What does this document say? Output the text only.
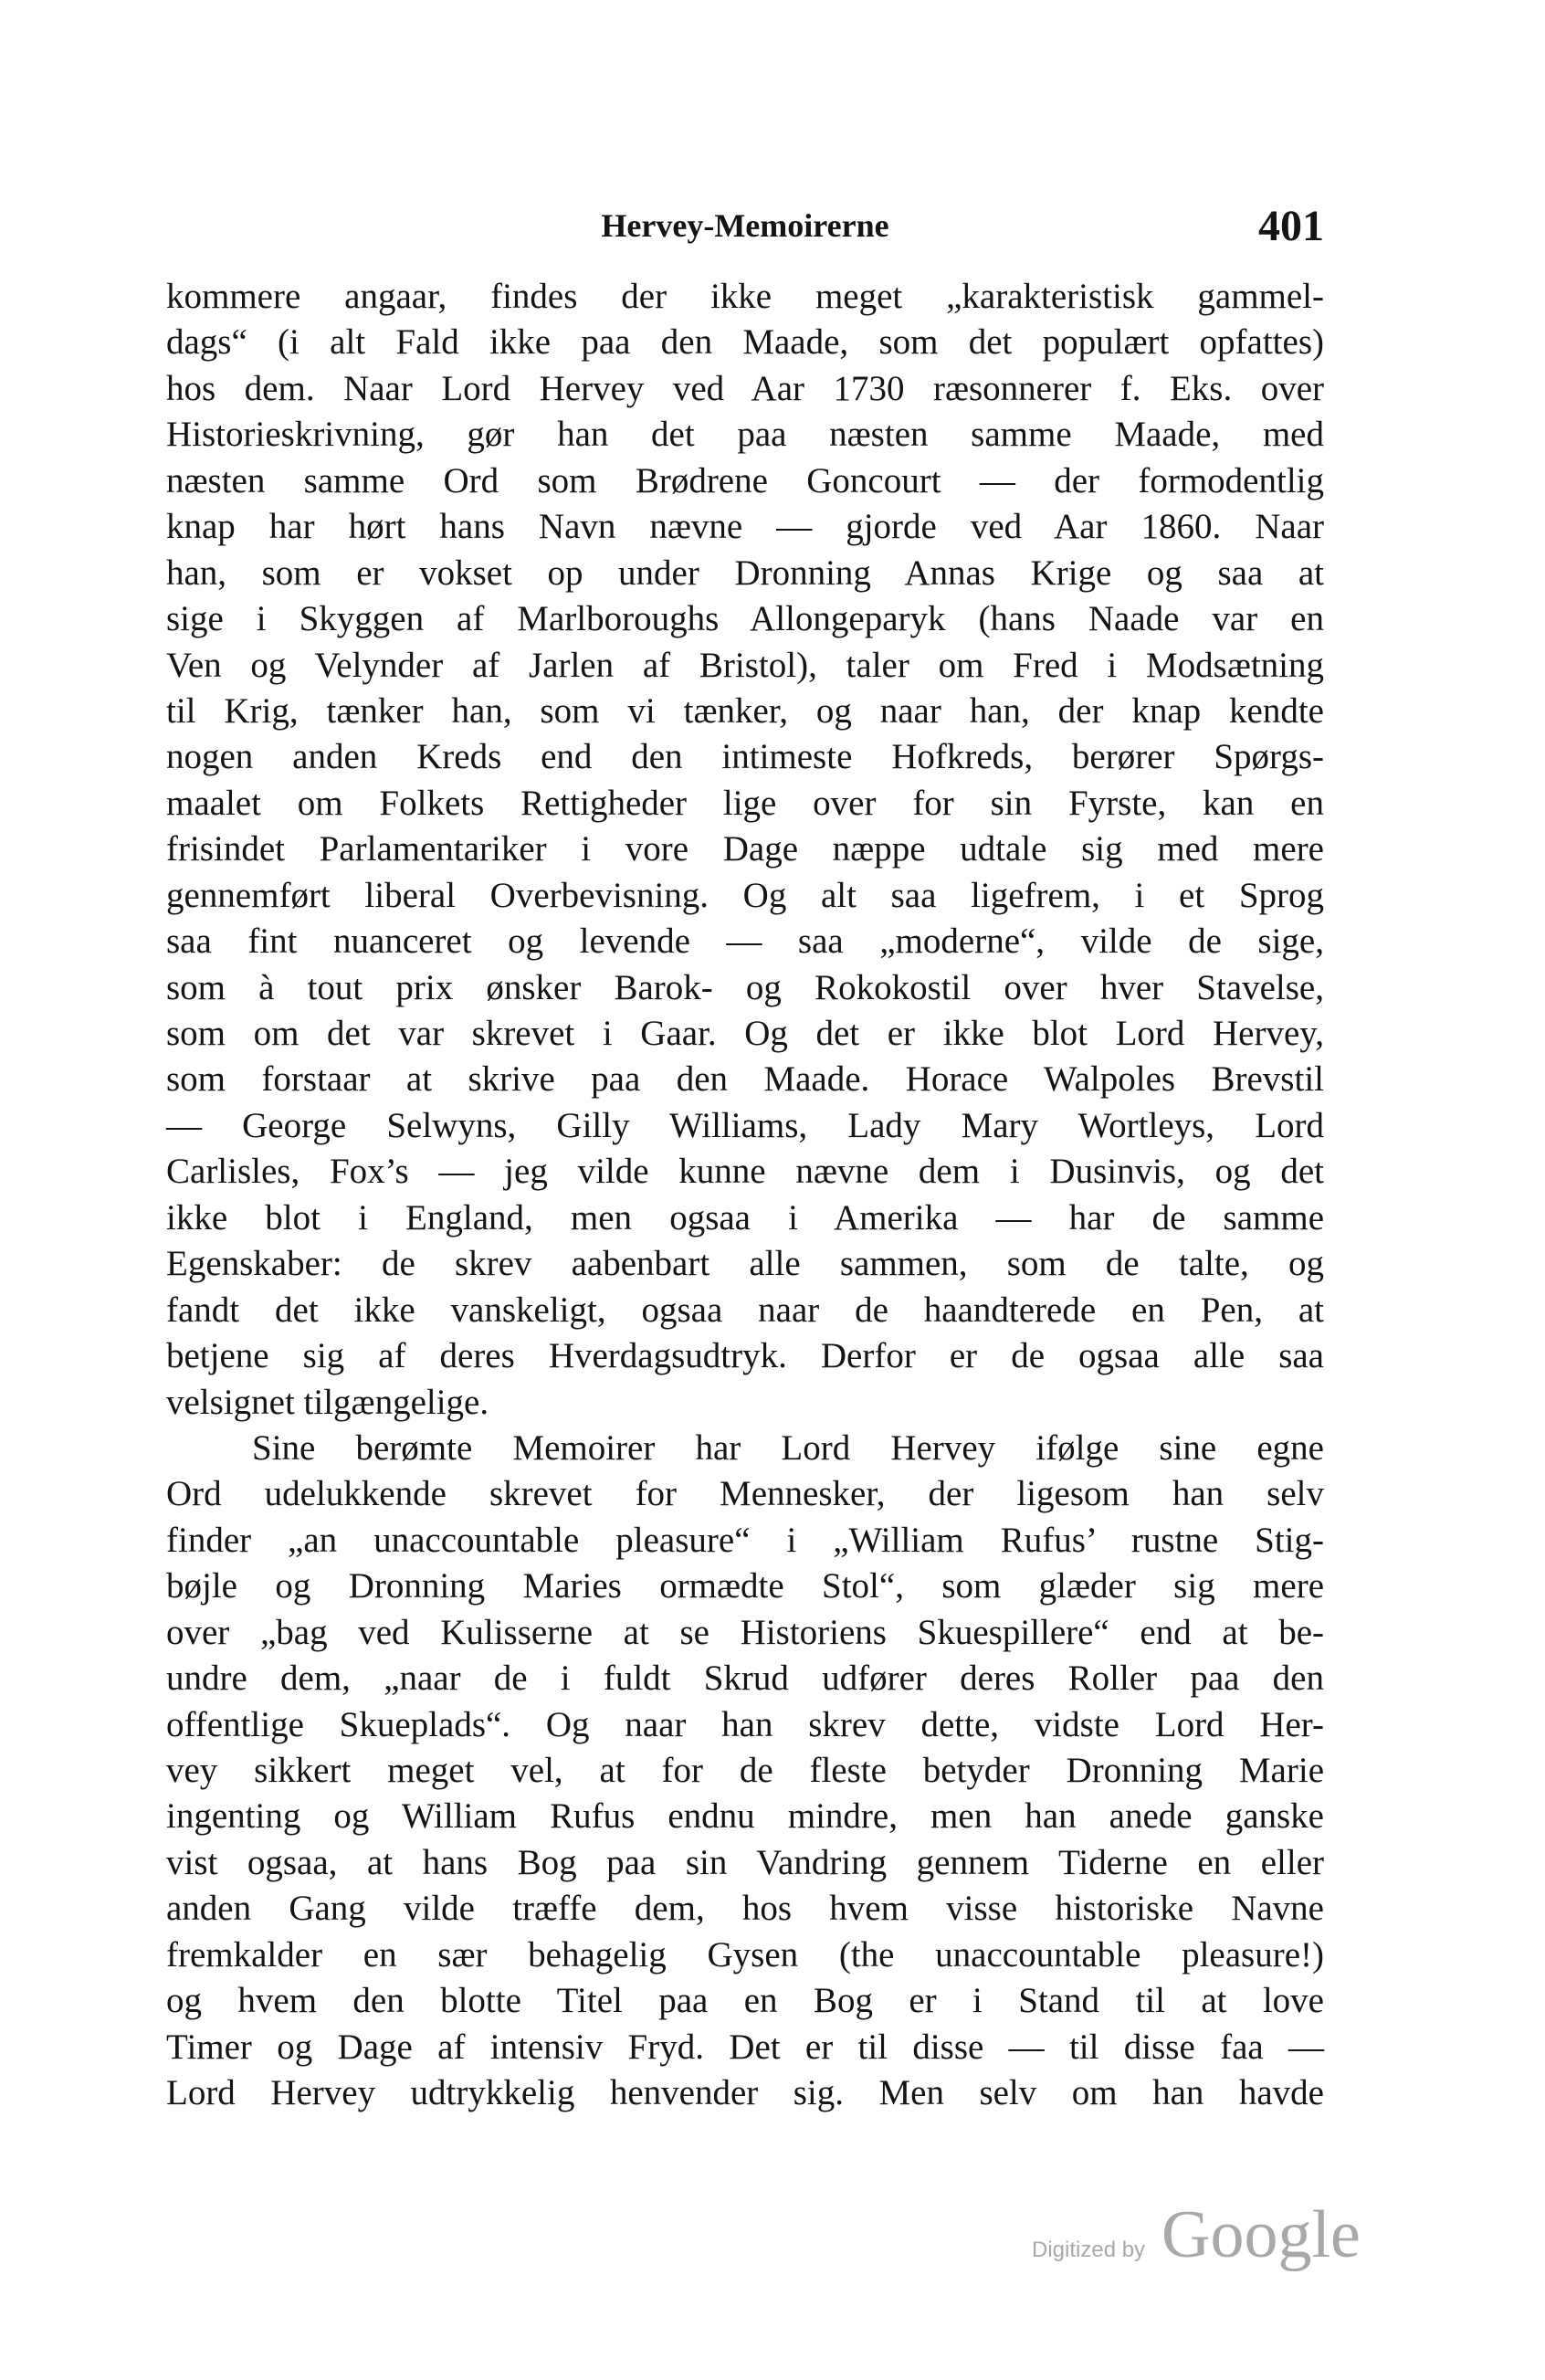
Hervey-Memoirerne	401
kommere angaar, findes der ikke meget „karakteristisk gammel-
dags“ (i alt Fald ikke paa den Maade, som det populært opfattes)
hos dem. Naar Lord Hervey ved Aar 1730 ræsonnerer f. Eks. over
Historieskrivning, gør han det paa næsten samme Maade, med
næsten samme Ord som Brødrene Goncourt — der formodentlig
knap har hørt hans Navn nævne — gjorde ved Aar 1860. Naar
han, som er vokset op under Dronning Annas Krige og saa at
sige i Skyggen af Marlboroughs Allongeparyk (hans Naade var en
Ven og Velynder af Jarlen af Bristol), taler om Fred i Modsætning
til Krig, tænker han, som vi tænker, og naar han, der knap kendte
nogen anden Kreds end den intimeste Hofkreds, berører Spørgs-
maalet om Folkets Rettigheder lige over for sin Fyrste, kan en
frisindet Parlamentariker i vore Dage næppe udtale sig med mere
gennemført liberal Overbevisning. Og alt saa ligefrem, i et Sprog
saa fint nuanceret og levende — saa „moderne“, vilde de sige,
som à tout prix ønsker Barok- og Rokokostil over hver Stavelse,
som om det var skrevet i Gaar. Og det er ikke blot Lord Hervey,
som forstaar at skrive paa den Maade. Horace Walpoles Brevstil
— George Selwyns, Gilly Williams, Lady Mary Wortleys, Lord
Carlisles, Fox’s — jeg vilde kunne nævne dem i Dusinvis, og det
ikke blot i England, men ogsaa i Amerika — har de samme
Egenskaber: de skrev aabenbart alle sammen, som de talte, og
fandt det ikke vanskeligt, ogsaa naar de haandterede en Pen, at
betjene sig af deres Hverdagsudtryk. Derfor er de ogsaa alle saa
velsignet tilgængelige.
Sine berømte Memoirer har Lord Hervey ifølge sine egne
Ord udelukkende skrevet for Mennesker, der ligesom han selv
finder „an unaccountable pleasure“ i „William Rufus’ rustne Stig-
bøjle og Dronning Maries ormædte Stol“, som glæder sig mere
over „bag ved Kulisserne at se Historiens Skuespillere“ end at be-
undre dem, „naar de i fuldt Skrud udfører deres Roller paa den
offentlige Skueplads“. Og naar han skrev dette, vidste Lord Her-
vey sikkert meget vel, at for de fleste betyder Dronning Marie
ingenting og William Rufus endnu mindre, men han anede ganske
vist ogsaa, at hans Bog paa sin Vandring gennem Tiderne en eller
anden Gang vilde træffe dem, hos hvem visse historiske Navne
fremkalder en sær behagelig Gysen (the unaccountable pleasure!)
og hvem den blotte Titel paa en Bog er i Stand til at love
Timer og Dage af intensiv Fryd. Det er til disse — til disse faa —
Lord Hervey udtrykkelig henvender sig. Men selv om han havde
Digitized by Google
